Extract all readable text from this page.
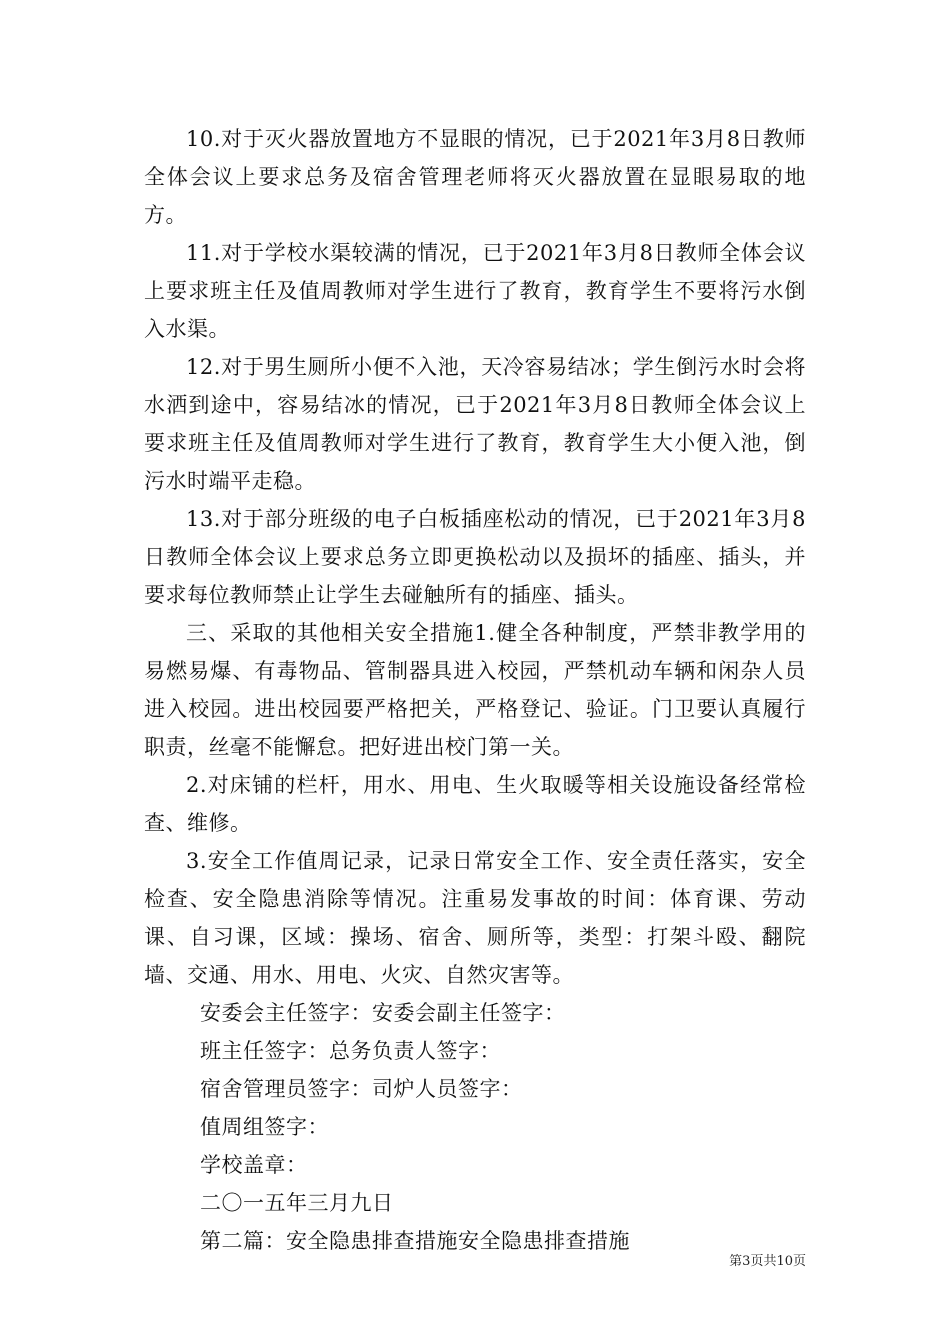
10.对于灭火器放置地方不显眼的情况，已于2021年3月8日教师全体会议上要求总务及宿舍管理老师将灭火器放置在显眼易取的地方。

11.对于学校水渠较满的情况，已于2021年3月8日教师全体会议上要求班主任及值周教师对学生进行了教育，教育学生不要将污水倒入水渠。

12.对于男生厕所小便不入池，天冷容易结冰；学生倒污水时会将水洒到途中，容易结冰的情况，已于2021年3月8日教师全体会议上要求班主任及值周教师对学生进行了教育，教育学生大小便入池，倒污水时端平走稳。

13.对于部分班级的电子白板插座松动的情况，已于2021年3月8日教师全体会议上要求总务立即更换松动以及损坏的插座、插头，并要求每位教师禁止让学生去碰触所有的插座、插头。

三、采取的其他相关安全措施1.健全各种制度，严禁非教学用的易燃易爆、有毒物品、管制器具进入校园，严禁机动车辆和闲杂人员进入校园。进出校园要严格把关，严格登记、验证。门卫要认真履行职责，丝毫不能懈怠。把好进出校门第一关。

2.对床铺的栏杆，用水、用电、生火取暖等相关设施设备经常检查、维修。

3.安全工作值周记录，记录日常安全工作、安全责任落实，安全检查、安全隐患消除等情况。注重易发事故的时间：体育课、劳动课、自习课，区域：操场、宿舍、厕所等，类型：打架斗殴、翻院墙、交通、用水、用电、火灾、自然灾害等。

安委会主任签字：安委会副主任签字：

班主任签字：总务负责人签字：

宿舍管理员签字：司炉人员签字：

值周组签字：

学校盖章：

二〇一五年三月九日

第二篇：安全隐患排查措施安全隐患排查措施

第3页共10页
